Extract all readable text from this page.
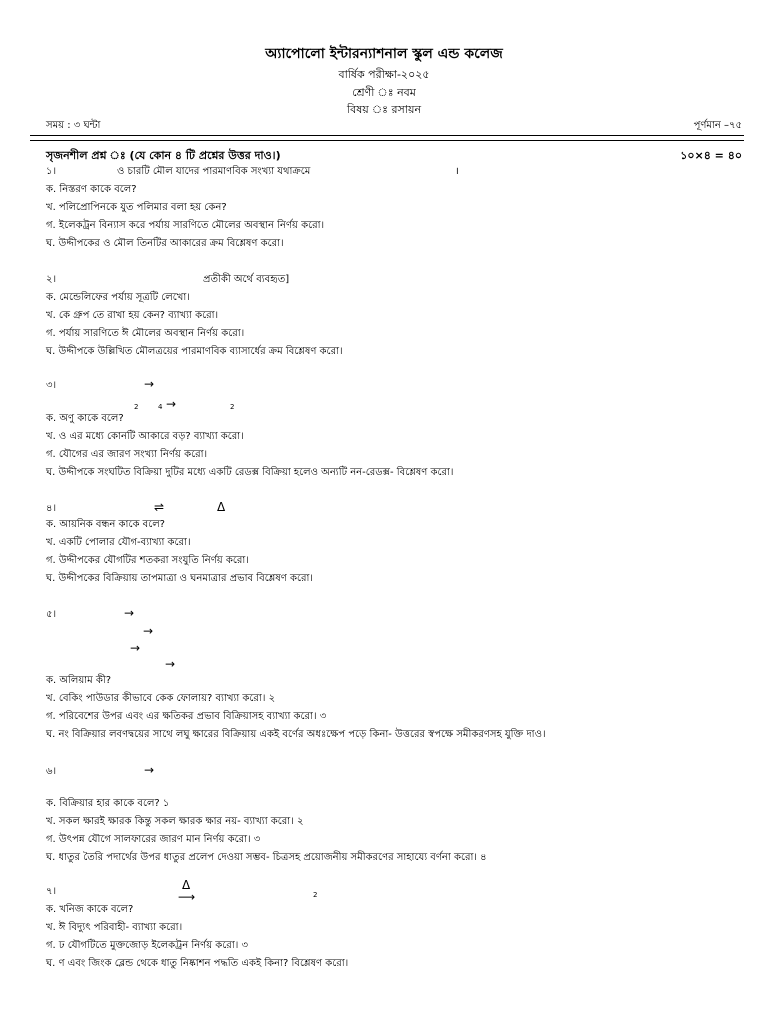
অ্যাপোলো ইন্টারন্যাশনাল স্কুল এন্ড কলেজ
বার্ষিক পরীক্ষা-২০২৫
শ্রেণী ঃ নবম
বিষয় ঃ রসায়ন
সময় : ৩ ঘন্টা	পূর্ণমান –৭৫
সৃজনশীল প্রশ্ন ঃ (যে কোন ৪ টি প্রশ্নের উত্তর দাও।)	১০×৪ = ৪০
১।	ও চারটি মৌল যাদের পারমাণবিক সংখ্যা যথাক্রমে	।
ক. নিস্তরণ কাকে বলে?
খ. পলিপ্রোপিনকে যুত পলিমার বলা হয় কেন?
গ. ইলেকট্রন বিন্যাস করে পর্যায় সারণিতে মৌলের অবস্থান নির্ণয় করো।
ঘ. উদ্দীপকের ও মৌল তিনটির আকারের ক্রম বিশ্লেষণ করো।
২।	প্রতীকী অর্থে ব্যবহৃত]
ক. মেন্ডেলিফের পর্যায় সূত্রটি লেখো।
খ. কে গ্রুপ তে রাখা হয় কেন? ব্যাখ্যা করো।
গ. পর্যায় সারণিতে ঈ মৌলের অবস্থান নির্ণয় করো।
ঘ. উদ্দীপকে উল্লিখিত মৌলত্রয়ের পারমাণবিক ব্যাসার্ধের ক্রম বিশ্লেষণ করো।
৩।	→
2	4 →	2
ক. অণু কাকে বলে?
খ. ও এর মধ্যে কোনটি আকারে বড়? ব্যাখ্যা করো।
গ. যৌগের এর জারণ সংখ্যা নির্ণয় করো।
ঘ. উদ্দীপকে সংঘটিত বিক্রিয়া দুটির মধ্যে একটি রেডক্স বিক্রিয়া হলেও অন্যটি নন-রেডক্স- বিশ্লেষণ করো।
৪।	⇌	Δ
ক. আয়নিক বন্ধন কাকে বলে?
খ. একটি পোলার যৌগ-ব্যাখ্যা করো।
গ. উদ্দীপকের যৌগটির শতকরা সংযুতি নির্ণয় করো।
ঘ. উদ্দীপকের বিক্রিয়ায় তাপমাত্রা ও ঘনমাত্রার প্রভাব বিশ্লেষণ করো।
৫।	→
→
→
→
ক. অলিয়াম কী?
খ. বেকিং পাউডার কীভাবে কেক ফোলায়? ব্যাখ্যা করো। ২
গ. পরিবেশের উপর এবং এর ক্ষতিকর প্রভাব বিক্রিয়াসহ ব্যাখ্যা করো। ৩
ঘ. নং বিক্রিয়ার লবণদ্বয়ের সাথে লঘু ক্ষারের বিক্রিয়ায় একই বর্ণের অধঃক্ষেপ পড়ে কিনা- উত্তরের স্বপক্ষে সমীকরণসহ যুক্তি দাও।
৬।	→
ক. বিক্রিয়ার হার কাকে বলে? ১
খ. সকল ক্ষারই ক্ষারক কিন্তু সকল ক্ষারক ক্ষার নয়- ব্যাখ্যা করো। ২
গ. উৎপন্ন যৌগে সালফারের জারণ মান নির্ণয় করো। ৩
ঘ. ধাতুর তৈরি পদার্থের উপর ধাতুর প্রলেপ দেওয়া সম্ভব- চিত্রসহ প্রয়োজনীয় সমীকরণের সাহায্যে বর্ণনা করো। ৪
৭।	Δ
⟶	2
ক. খনিজ কাকে বলে?
খ. ঈ বিদ্যুৎ পরিবাহী- ব্যাখ্যা করো।
গ. ঢ যৌগটিতে মুক্তজোড় ইলেকট্রন নির্ণয় করো। ৩
ঘ. ণ এবং জিংক ব্লেন্ড থেকে ধাতু নিষ্কাশন পদ্ধতি একই কিনা? বিশ্লেষণ করো।
